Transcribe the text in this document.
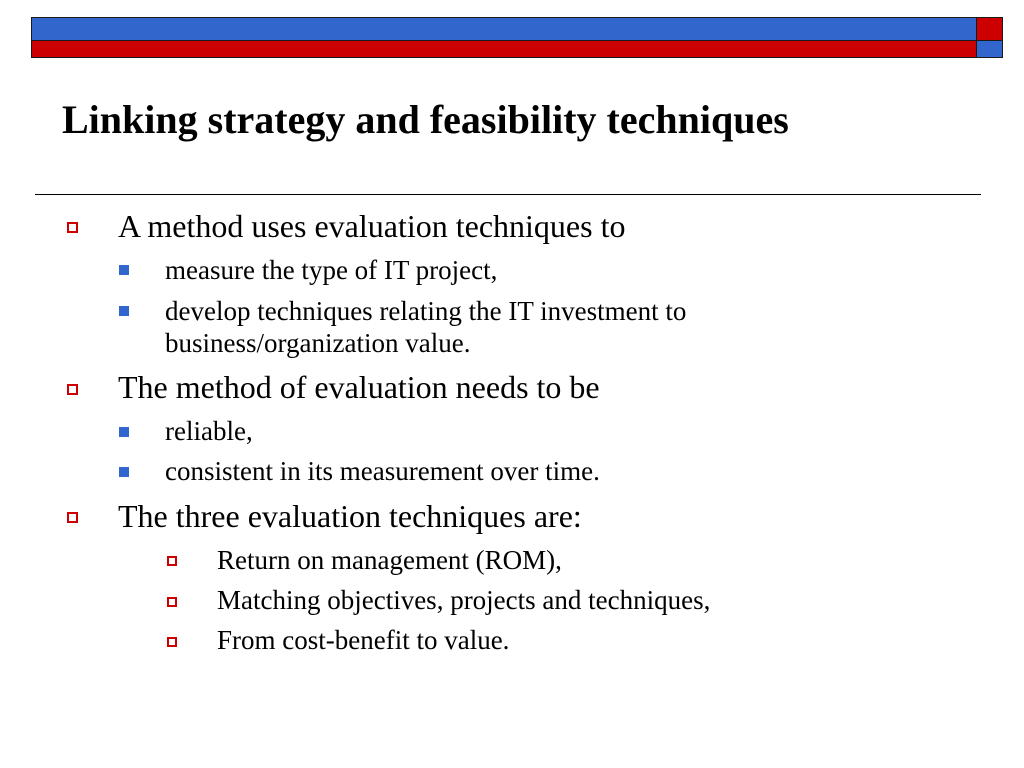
Linking strategy and feasibility techniques
A method uses evaluation techniques to
measure the type of IT project,
develop techniques relating the IT investment to
business/organization value.
The method of evaluation needs to be
reliable,
consistent in its measurement over time.
The three evaluation techniques are:
Return on management (ROM),
Matching objectives, projects and techniques,
From cost-benefit to value.
